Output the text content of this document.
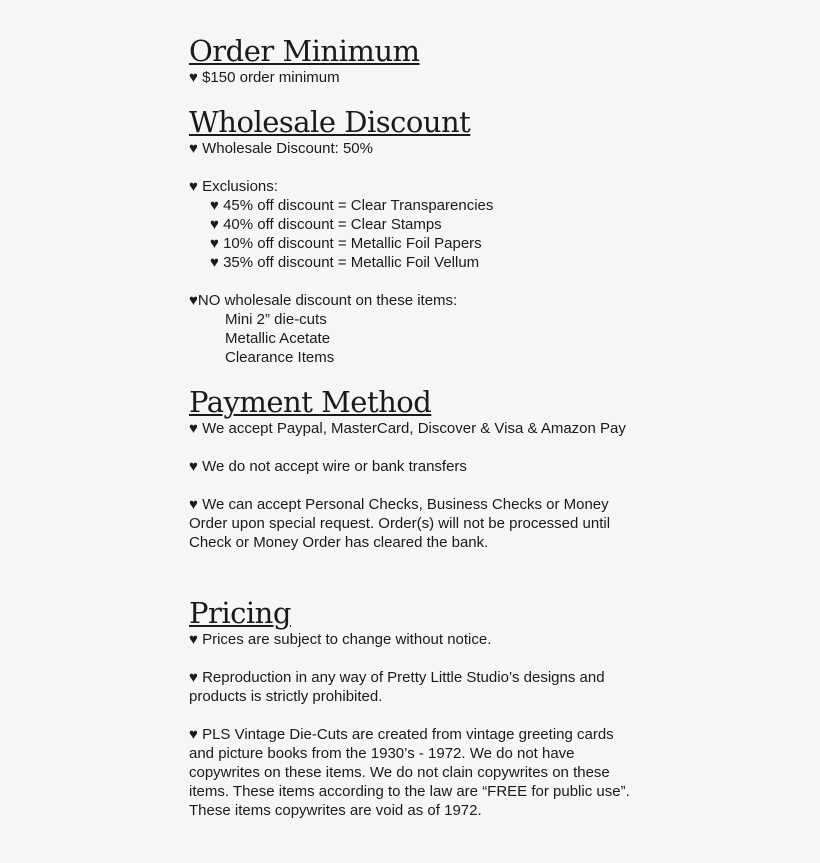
Order Minimum

♥ $150 order minimum

Wholesale Discount

♥ Wholesale Discount: 50%

♥ Exclusions:

♥ 45% off discount = Clear Transparencies

♥ 40% off discount = Clear Stamps

♥ 10% off discount = Metallic Foil Papers

♥ 35% off discount = Metallic Foil Vellum

♥NO wholesale discount on these items:

Mini 2” die-cuts

Metallic Acetate

Clearance Items

Payment Method

♥ We accept Paypal, MasterCard, Discover & Visa & Amazon Pay

♥ We do not accept wire or bank transfers

♥ We can accept Personal Checks, Business Checks or Money

Order upon special request. Order(s) will not be processed until

Check or Money Order has cleared the bank.

Pricing

♥ Prices are subject to change without notice.

♥ Reproduction in any way of Pretty Little Studio’s designs and

products is strictly prohibited.

♥ PLS Vintage Die-Cuts are created from vintage greeting cards

and picture books from the 1930’s - 1972. We do not have

copywrites on these items. We do not clain copywrites on these

items. These items according to the law are “FREE for public use”.

These items copywrites are void as of 1972.
